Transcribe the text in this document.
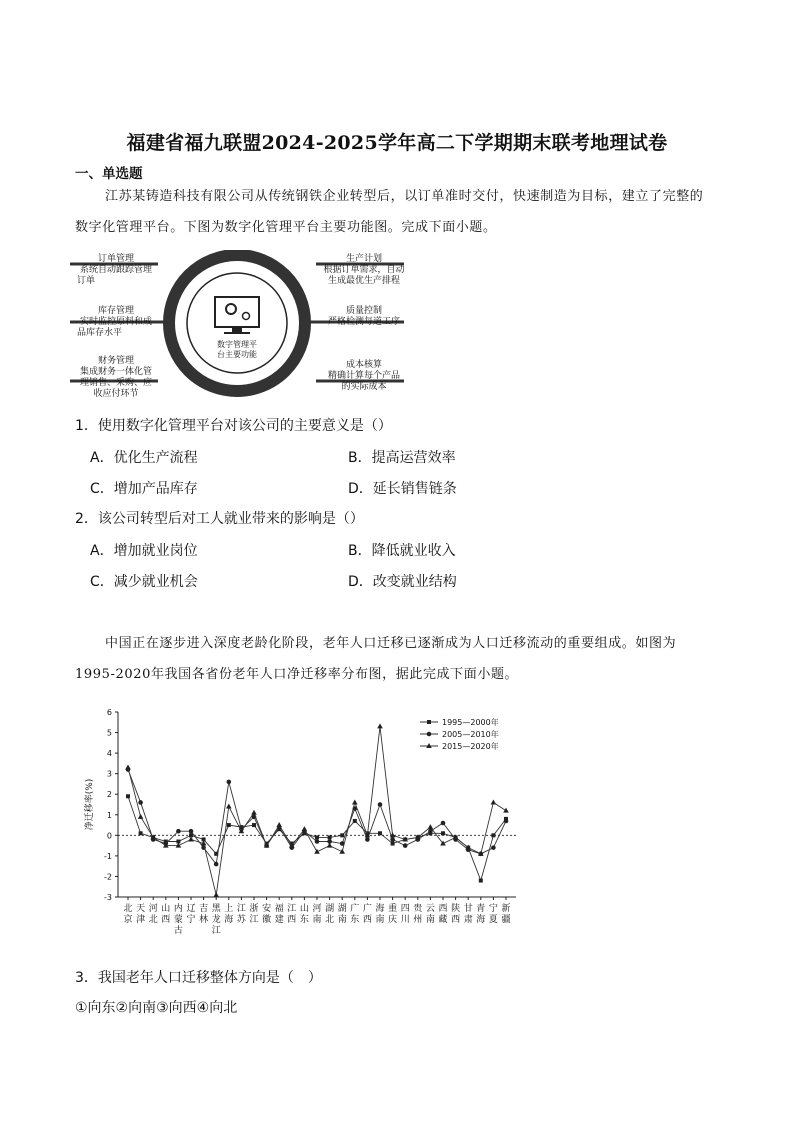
福建省福九联盟2024-2025学年高二下学期期末联考地理试卷
一、单选题
江苏某铸造科技有限公司从传统钢铁企业转型后，以订单准时交付，快速制造为目标，建立了完整的
数字化管理平台。下图为数字化管理平台主要功能图。完成下面小题。
数字管理平
台主要功能
订单管理
系统自动跟踪管理
订单
库存管理
实时监控原料和成
品库存水平
财务管理
集成财务一体化管
理销售、采购、应
收应付环节
生产计划
根据订单需求，自动
生成最优生产排程
质量控制
严格检测每道工序
成本核算
精确计算每个产品
的实际成本
1．使用数字化管理平台对该公司的主要意义是（）
A．优化生产流程	B．提高运营效率
C．增加产品库存	D．延长销售链条
2．该公司转型后对工人就业带来的影响是（）
A．增加就业岗位	B．降低就业收入
C．减少就业机会	D．改变就业结构
中国正在逐步进入深度老龄化阶段，老年人口迁移已逐渐成为人口迁移流动的重要组成。如图为
1995-2020年我国各省份老年人口净迁移率分布图，据此完成下面小题。
6
5
4
3
2
1
0
-1
-2
-3
净迁移率(%)
北京
天津
河北
山西
内蒙古
辽宁
吉林
黑龙江
上海
江苏
浙江
安徽
福建
江西
山东
河南
湖北
湖南
广东
广西
海南
重庆
四川
贵州
云南
西藏
陕西
甘肃
青海
宁夏
新疆
1995—2000年
2005—2010年
2015—2020年
3．我国老年人口迁移整体方向是（　）
①向东②向南③向西④向北
